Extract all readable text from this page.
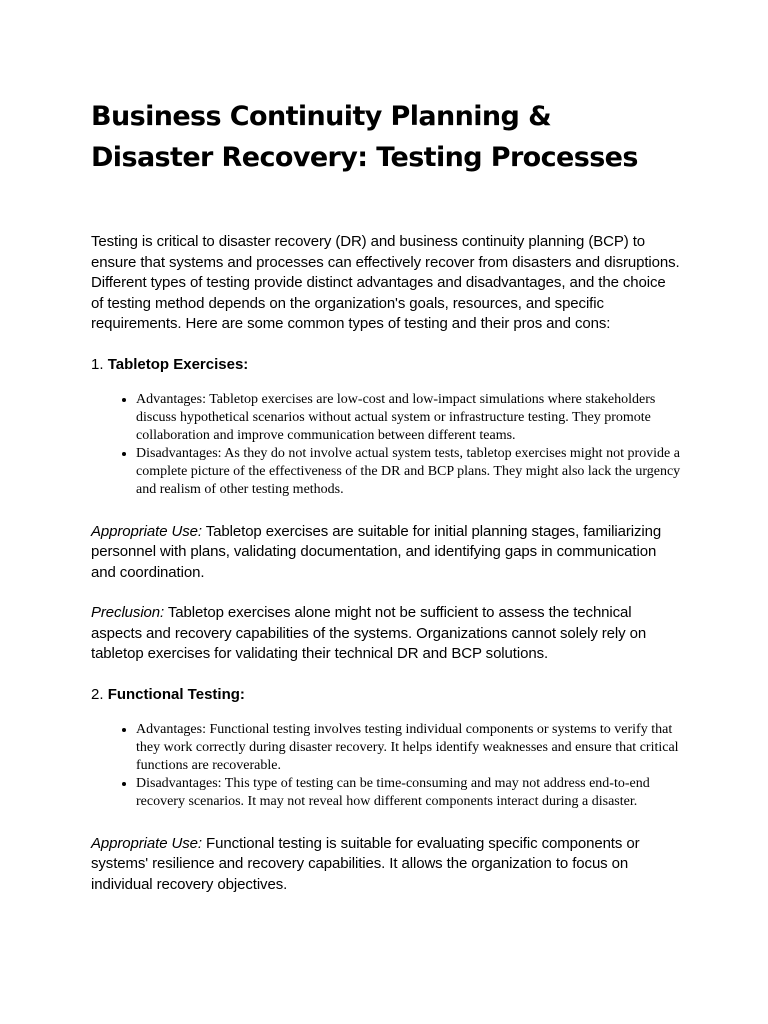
Business Continuity Planning & Disaster Recovery: Testing Processes

Testing is critical to disaster recovery (DR) and business continuity planning (BCP) to ensure that systems and processes can effectively recover from disasters and disruptions. Different types of testing provide distinct advantages and disadvantages, and the choice of testing method depends on the organization's goals, resources, and specific requirements. Here are some common types of testing and their pros and cons:

1. Tabletop Exercises:
• Advantages: Tabletop exercises are low-cost and low-impact simulations where stakeholders discuss hypothetical scenarios without actual system or infrastructure testing. They promote collaboration and improve communication between different teams.
• Disadvantages: As they do not involve actual system tests, tabletop exercises might not provide a complete picture of the effectiveness of the DR and BCP plans. They might also lack the urgency and realism of other testing methods.

Appropriate Use: Tabletop exercises are suitable for initial planning stages, familiarizing personnel with plans, validating documentation, and identifying gaps in communication and coordination.

Preclusion: Tabletop exercises alone might not be sufficient to assess the technical aspects and recovery capabilities of the systems. Organizations cannot solely rely on tabletop exercises for validating their technical DR and BCP solutions.

2. Functional Testing:
• Advantages: Functional testing involves testing individual components or systems to verify that they work correctly during disaster recovery. It helps identify weaknesses and ensure that critical functions are recoverable.
• Disadvantages: This type of testing can be time-consuming and may not address end-to-end recovery scenarios. It may not reveal how different components interact during a disaster.

Appropriate Use: Functional testing is suitable for evaluating specific components or systems' resilience and recovery capabilities. It allows the organization to focus on individual recovery objectives.
